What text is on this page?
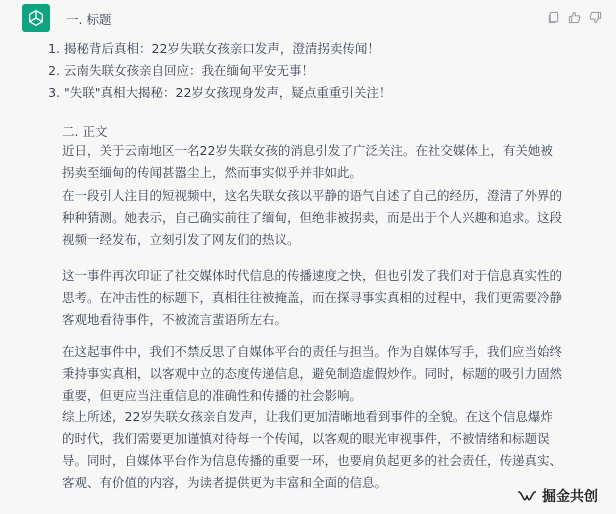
一. 标题
1. 揭秘背后真相：22岁失联女孩亲口发声，澄清拐卖传闻！
2. 云南失联女孩亲自回应：我在缅甸平安无事！
3. "失联"真相大揭秘：22岁女孩现身发声，疑点重重引关注！
二. 正文

近日，关于云南地区一名22岁失联女孩的消息引发了广泛关注。在社交媒体上，有关她被拐卖至缅甸的传闻甚嚣尘上，然而事实似乎并非如此。

在一段引人注目的短视频中，这名失联女孩以平静的语气自述了自己的经历，澄清了外界的种种猜测。她表示，自己确实前往了缅甸，但绝非被拐卖，而是出于个人兴趣和追求。这段视频一经发布，立刻引发了网友们的热议。

这一事件再次印证了社交媒体时代信息的传播速度之快，但也引发了我们对于信息真实性的思考。在冲击性的标题下，真相往往被掩盖，而在探寻事实真相的过程中，我们更需要冷静客观地看待事件，不被流言蜚语所左右。

在这起事件中，我们不禁反思了自媒体平台的责任与担当。作为自媒体写手，我们应当始终秉持事实真相，以客观中立的态度传递信息，避免制造虚假炒作。同时，标题的吸引力固然重要，但更应当注重信息的准确性和传播的社会影响。

综上所述，22岁失联女孩亲自发声，让我们更加清晰地看到事件的全貌。在这个信息爆炸的时代，我们需要更加谨慎对待每一个传闻，以客观的眼光审视事件，不被情绪和标题误导。同时，自媒体平台作为信息传播的重要一环，也要肩负起更多的社会责任，传递真实、客观、有价值的内容，为读者提供更为丰富和全面的信息。

掘金共创
